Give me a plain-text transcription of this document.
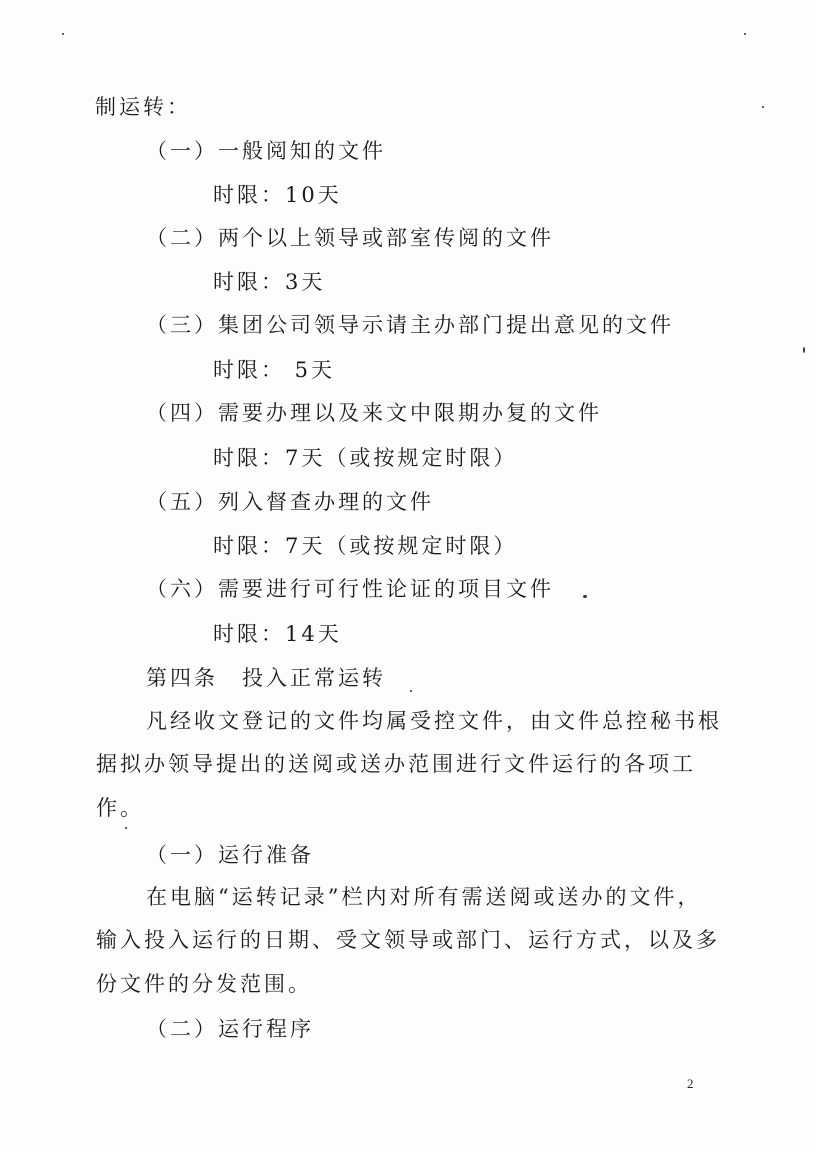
制运转：
（一）一般阅知的文件
时限：10天
（二）两个以上领导或部室传阅的文件
时限：3天
（三）集团公司领导示请主办部门提出意见的文件
时限： 5天
（四）需要办理以及来文中限期办复的文件
时限：7天（或按规定时限）
（五）列入督查办理的文件
时限：7天（或按规定时限）
（六）需要进行可行性论证的项目文件
时限：14天
第四条　投入正常运转
凡经收文登记的文件均属受控文件，由文件总控秘书根
据拟办领导提出的送阅或送办范围进行文件运行的各项工
作。
（一）运行准备
在电脑“运转记录”栏内对所有需送阅或送办的文件，
输入投入运行的日期、受文领导或部门、运行方式，以及多
份文件的分发范围。
（二）运行程序
2
